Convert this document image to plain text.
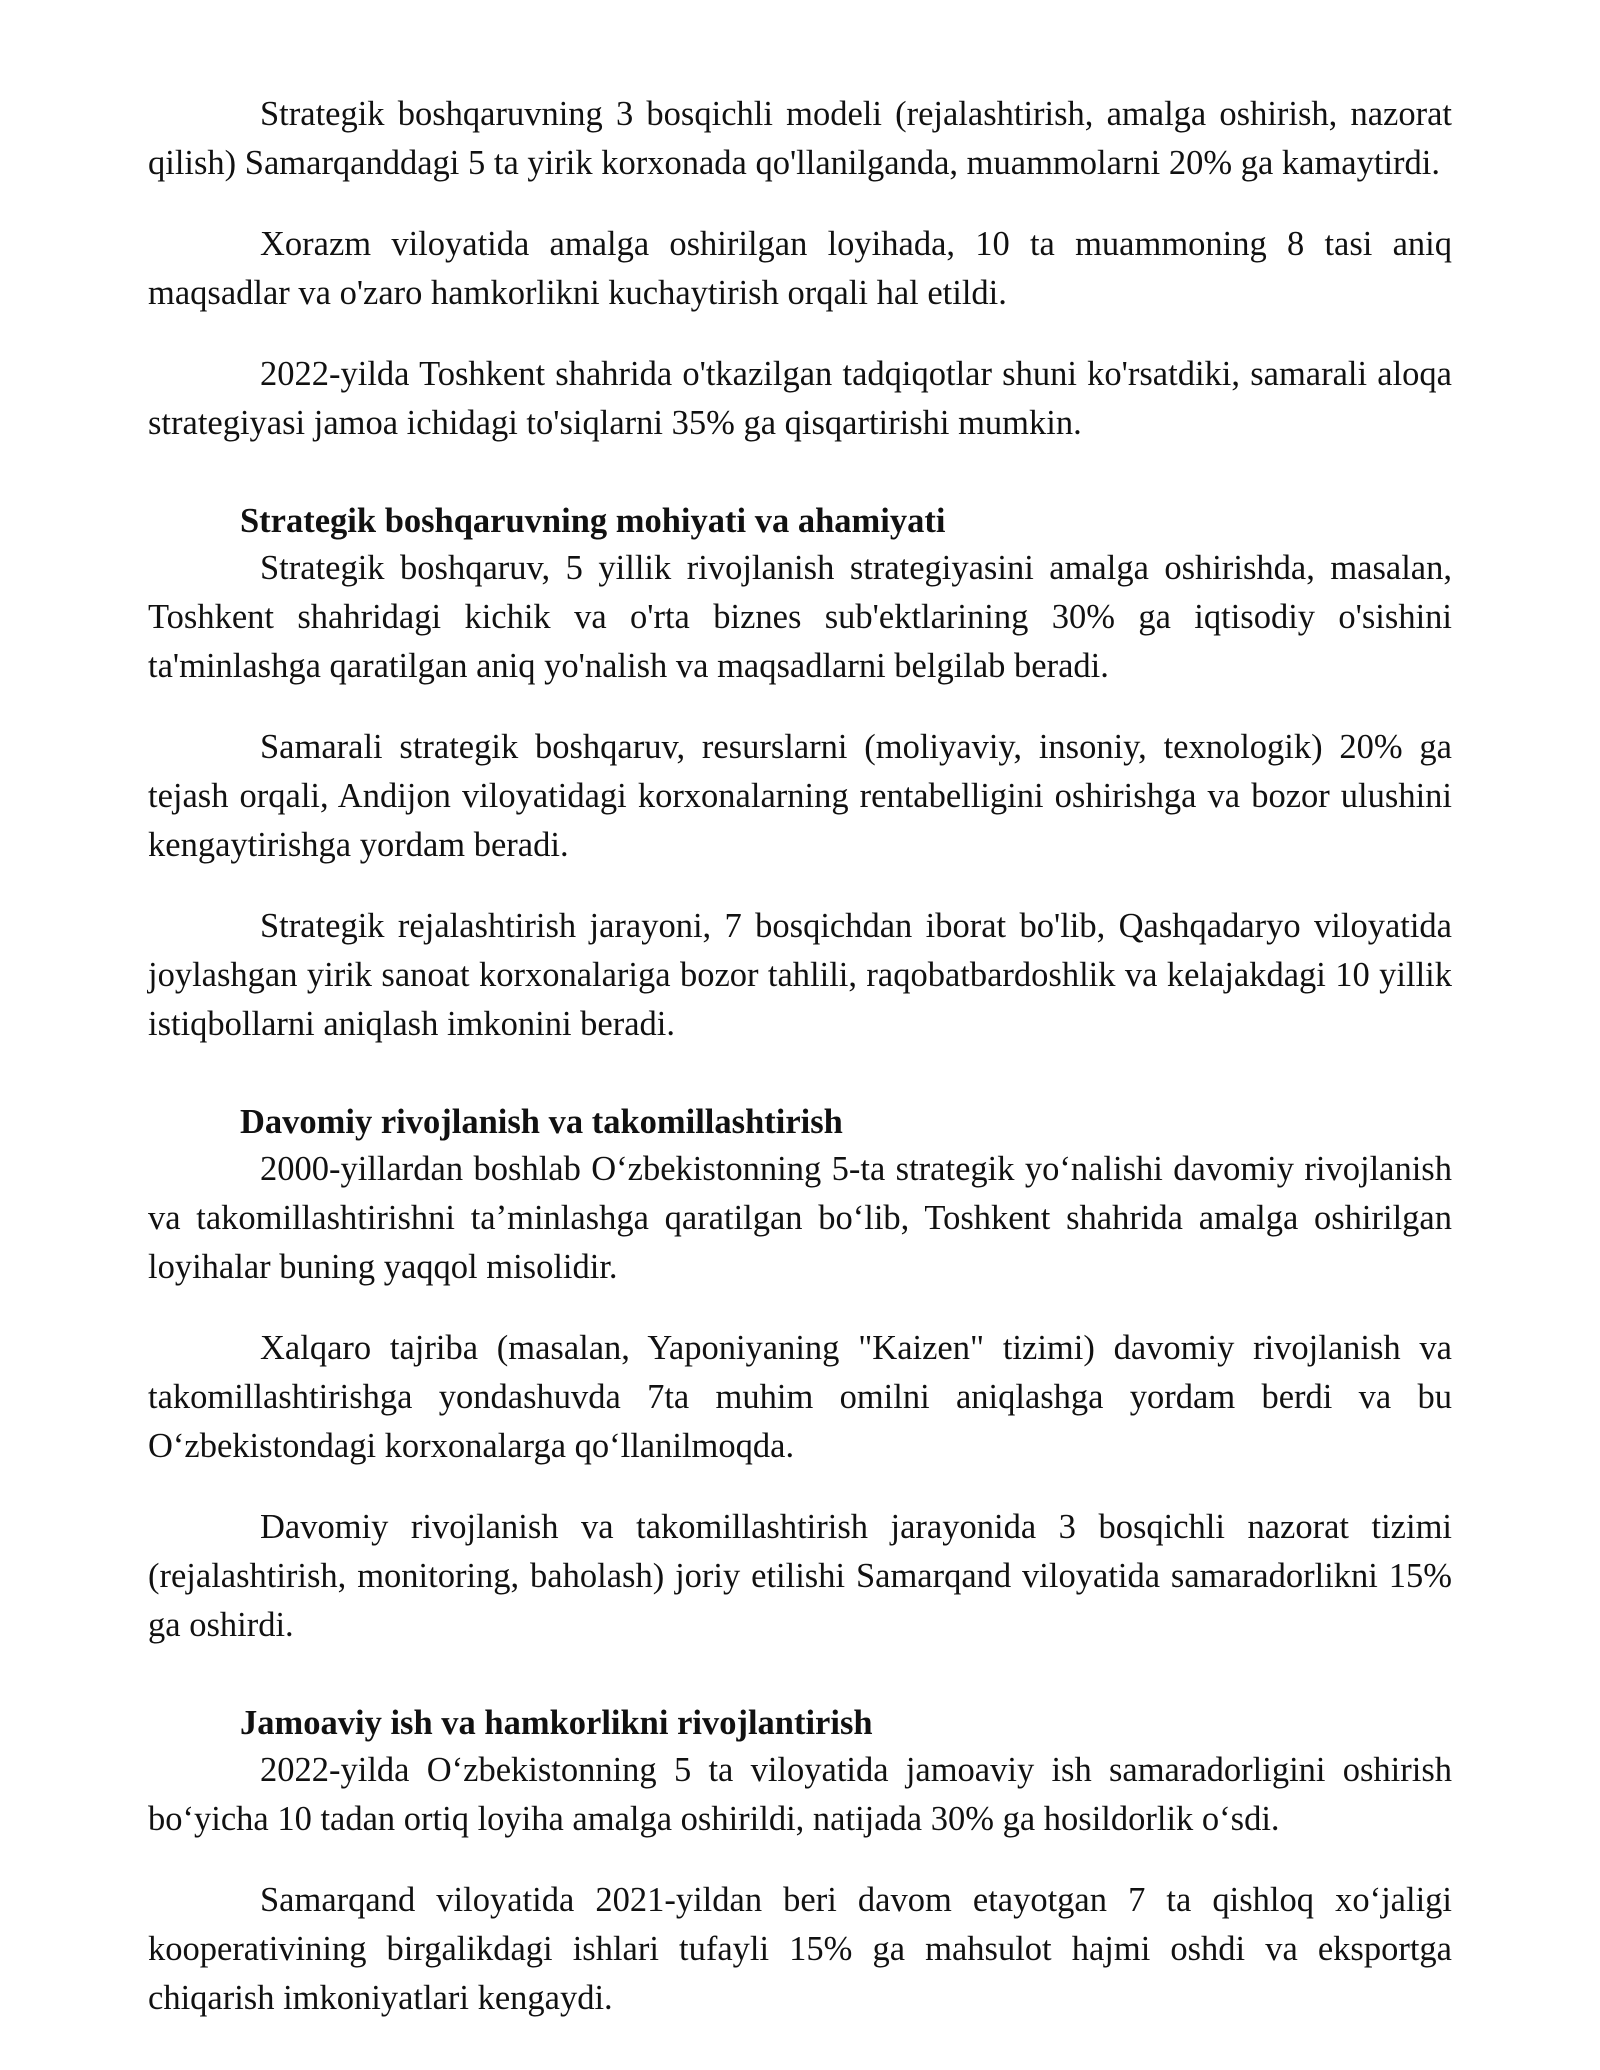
Strategik boshqaruvning 3 bosqichli modeli (rejalashtirish, amalga oshirish, nazorat qilish) Samarqanddagi 5 ta yirik korxonada qo'llanilganda, muammolarni 20% ga kamaytirdi.

Xorazm viloyatida amalga oshirilgan loyihada, 10 ta muammoning 8 tasi aniq maqsadlar va o'zaro hamkorlikni kuchaytirish orqali hal etildi.

2022-yilda Toshkent shahrida o'tkazilgan tadqiqotlar shuni ko'rsatdiki, samarali aloqa strategiyasi jamoa ichidagi to'siqlarni 35% ga qisqartirishi mumkin.

Strategik boshqaruvning mohiyati va ahamiyati

Strategik boshqaruv, 5 yillik rivojlanish strategiyasini amalga oshirishda, masalan, Toshkent shahridagi kichik va o'rta biznes sub'ektlarining 30% ga iqtisodiy o'sishini ta'minlashga qaratilgan aniq yo'nalish va maqsadlarni belgilab beradi.

Samarali strategik boshqaruv, resurslarni (moliyaviy, insoniy, texnologik) 20% ga tejash orqali, Andijon viloyatidagi korxonalarning rentabelligini oshirishga va bozor ulushini kengaytirishga yordam beradi.

Strategik rejalashtirish jarayoni, 7 bosqichdan iborat bo'lib, Qashqadaryo viloyatida joylashgan yirik sanoat korxonalariga bozor tahlili, raqobatbardoshlik va kelajakdagi 10 yillik istiqbollarni aniqlash imkonini beradi.

Davomiy rivojlanish va takomillashtirish

2000-yillardan boshlab Oʻzbekistonning 5-ta strategik yoʻnalishi davomiy rivojlanish va takomillashtirishni taʼminlashga qaratilgan boʻlib, Toshkent shahrida amalga oshirilgan loyihalar buning yaqqol misolidir.

Xalqaro tajriba (masalan, Yaponiyaning "Kaizen" tizimi) davomiy rivojlanish va takomillashtirishga yondashuvda 7ta muhim omilni aniqlashga yordam berdi va bu Oʻzbekistondagi korxonalarga qoʻllanilmoqda.

Davomiy rivojlanish va takomillashtirish jarayonida 3 bosqichli nazorat tizimi (rejalashtirish, monitoring, baholash) joriy etilishi Samarqand viloyatida samaradorlikni 15% ga oshirdi.

Jamoaviy ish va hamkorlikni rivojlantirish

2022-yilda Oʻzbekistonning 5 ta viloyatida jamoaviy ish samaradorligini oshirish boʻyicha 10 tadan ortiq loyiha amalga oshirildi, natijada 30% ga hosildorlik oʻsdi.

Samarqand viloyatida 2021-yildan beri davom etayotgan 7 ta qishloq xoʻjaligi kooperativining birgalikdagi ishlari tufayli 15% ga mahsulot hajmi oshdi va eksportga chiqarish imkoniyatlari kengaydi.
